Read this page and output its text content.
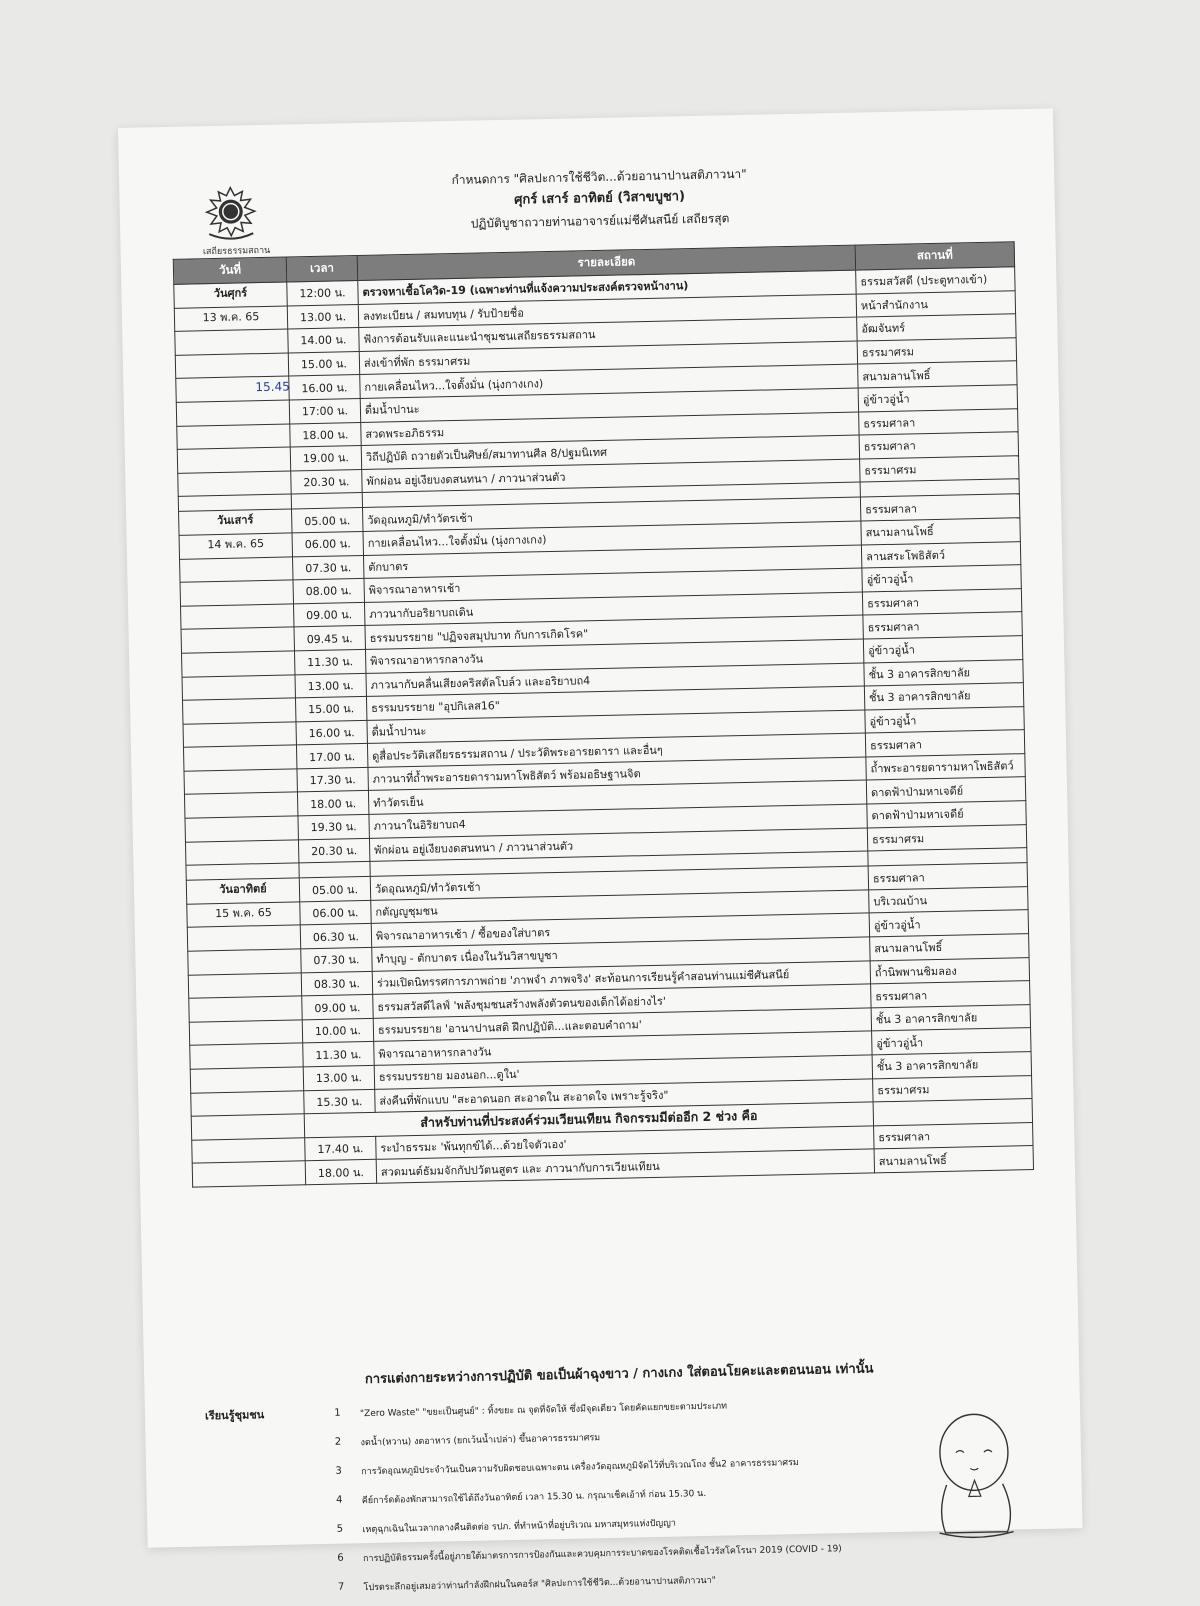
เสถียรธรรมสถาน
กำหนดการ "ศิลปะการใช้ชีวิต...ด้วยอานาปานสติภาวนา"
ศุกร์ เสาร์ อาทิตย์ (วิสาขบูชา)
ปฏิบัติบูชาถวายท่านอาจารย์แม่ชีศันสนีย์ เสถียรสุต
วันที่	เวลา	รายละเอียด	สถานที่
วันศุกร์	12:00 น.	ตรวจหาเชื้อโควิด-19 (เฉพาะท่านที่แจ้งความประสงค์ตรวจหน้างาน)	ธรรมสวัสดี (ประตูทางเข้า)
13 พ.ค. 65	13.00 น.	ลงทะเบียน / สมทบทุน / รับป้ายชื่อ	หน้าสำนักงาน
	14.00 น.	ฟังการต้อนรับและแนะนำชุมชนเสถียรธรรมสถาน	อัฒจันทร์
	15.00 น.	ส่งเข้าที่พัก ธรรมาศรม	ธรรมาศรม

	15.45 16.00 น.	กายเคลื่อนไหว...ใจตั้งมั่น (นุ่งกางเกง)	สนามลานโพธิ์
	17:00 น.	ดื่มน้ำปานะ	อู่ข้าวอู่น้ำ
	18.00 น.	สวดพระอภิธรรม	ธรรมศาลา
	19.00 น.	วิถีปฏิบัติ ถวายตัวเป็นศิษย์/สมาทานศีล 8/ปฐมนิเทศ	ธรรมศาลา
	20.30 น.	พักผ่อน อยู่เงียบงดสนทนา / ภาวนาส่วนตัว	ธรรมาศรม

วันเสาร์	05.00 น.	วัดอุณหภูมิ/ทำวัตรเช้า	ธรรมศาลา
14 พ.ค. 65	06.00 น.	กายเคลื่อนไหว...ใจตั้งมั่น (นุ่งกางเกง)	สนามลานโพธิ์
	07.30 น.	ตักบาตร	ลานสระโพธิสัตว์
	08.00 น.	พิจารณาอาหารเช้า	อู่ข้าวอู่น้ำ
	09.00 น.	ภาวนากับอริยาบถเดิน	ธรรมศาลา
	09.45 น.	ธรรมบรรยาย "ปฏิจจสมุปบาท กับการเกิดโรค"	ธรรมศาลา
	11.30 น.	พิจารณาอาหารกลางวัน	อู่ข้าวอู่น้ำ
	13.00 น.	ภาวนากับคลื่นเสียงคริสตัลโบล์ว และอริยาบถ4	ชั้น 3 อาคารสิกขาลัย
	15.00 น.	ธรรมบรรยาย "อุปกิเลส16"	ชั้น 3 อาคารสิกขาลัย
	16.00 น.	ดื่มน้ำปานะ	อู่ข้าวอู่น้ำ
	17.00 น.	ดูสื่อประวัติเสถียรธรรมสถาน / ประวัติพระอารยดารา และอื่นๆ	ธรรมศาลา
	17.30 น.	ภาวนาที่ถ้ำพระอารยดารามหาโพธิสัตว์ พร้อมอธิษฐานจิต	ถ้ำพระอารยดารามหาโพธิสัตว์
	18.00 น.	ทำวัตรเย็น	ดาดฟ้าป่ามหาเจดีย์
	19.30 น.	ภาวนาในอิริยาบถ4	ดาดฟ้าป่ามหาเจดีย์
	20.30 น.	พักผ่อน อยู่เงียบงดสนทนา / ภาวนาส่วนตัว	ธรรมาศรม

วันอาทิตย์	05.00 น.	วัดอุณหภูมิ/ทำวัตรเช้า	ธรรมศาลา
15 พ.ค. 65	06.00 น.	กตัญญูชุมชน	บริเวณบ้าน
	06.30 น.	พิจารณาอาหารเช้า / ซื้อของใส่บาตร	อู่ข้าวอู่น้ำ
	07.30 น.	ทำบุญ - ตักบาตร เนื่องในวันวิสาขบูชา	สนามลานโพธิ์
	08.30 น.	ร่วมเปิดนิทรรศการภาพถ่าย 'ภาพจำ ภาพจริง' สะท้อนการเรียนรู้คำสอนท่านแม่ชีศันสนีย์	ถ้ำนิพพานชิมลอง
	09.00 น.	ธรรมสวัสดีไลฟ์ 'พลังชุมชนสร้างพลังตัวตนของเด็กได้อย่างไร'	ธรรมศาลา
	10.00 น.	ธรรมบรรยาย 'อานาปานสติ ฝึกปฏิบัติ...และตอบคำถาม'	ชั้น 3 อาคารสิกขาลัย
	11.30 น.	พิจารณาอาหารกลางวัน	อู่ข้าวอู่น้ำ
	13.00 น.	ธรรมบรรยาย มองนอก...ดูใน'	ชั้น 3 อาคารสิกขาลัย
	15.30 น.	ส่งคืนที่พักแบบ "สะอาดนอก สะอาดใน สะอาดใจ เพราะรู้จริง"	ธรรมาศรม
	สำหรับท่านที่ประสงค์ร่วมเวียนเทียน กิจกรรมมีต่ออีก 2 ช่วง คือ		
	17.40 น.	ระบำธรรมะ 'พ้นทุกข์ได้...ด้วยใจตัวเอง'	ธรรมศาลา
	18.00 น.	สวดมนต์ธัมมจักกัปปวัตนสูตร และ ภาวนากับการเวียนเทียน	สนามลานโพธิ์
การแต่งกายระหว่างการปฏิบัติ ขอเป็นผ้าฉุงขาว / กางเกง ใส่ตอนโยคะและตอนนอน เท่านั้น
เรียนรู้ชุมชน	1	"Zero Waste" "ขยะเป็นศูนย์" : ทิ้งขยะ ณ จุดที่จัดให้ ซึ่งมีจุดเดียว โดยคัดแยกขยะตามประเภท
2	งดน้ำ(หวาน) งดอาหาร (ยกเว้นน้ำเปล่า) ขึ้นอาคารธรรมาศรม
3	การวัดอุณหภูมิประจำวันเป็นความรับผิดชอบเฉพาะตน เครื่องวัดอุณหภูมิจัดไว้ที่บริเวณโถง ชั้น2 อาคารธรรมาศรม
4	คีย์การ์ดต้องพักสามารถใช้ได้ถึงวันอาทิตย์ เวลา 15.30 น. กรุณาเช็คเอ้าท์ ก่อน 15.30 น.
5	เหตุฉุกเฉินในเวลากลางคืนติดต่อ รปภ. ที่ทำหน้าที่อยู่บริเวณ มหาสมุทรแห่งปัญญา
6	การปฏิบัติธรรมครั้งนี้อยู่ภายใต้มาตรการการป้องกันและควบคุมการระบาดของโรคติดเชื้อไวรัสโคโรนา 2019 (COVID - 19)
7	โปรดระลึกอยู่เสมอว่าท่านกำลังฝึกฝนในคอร์ส "ศิลปะการใช้ชีวิต...ด้วยอานาปานสติภาวนา"
